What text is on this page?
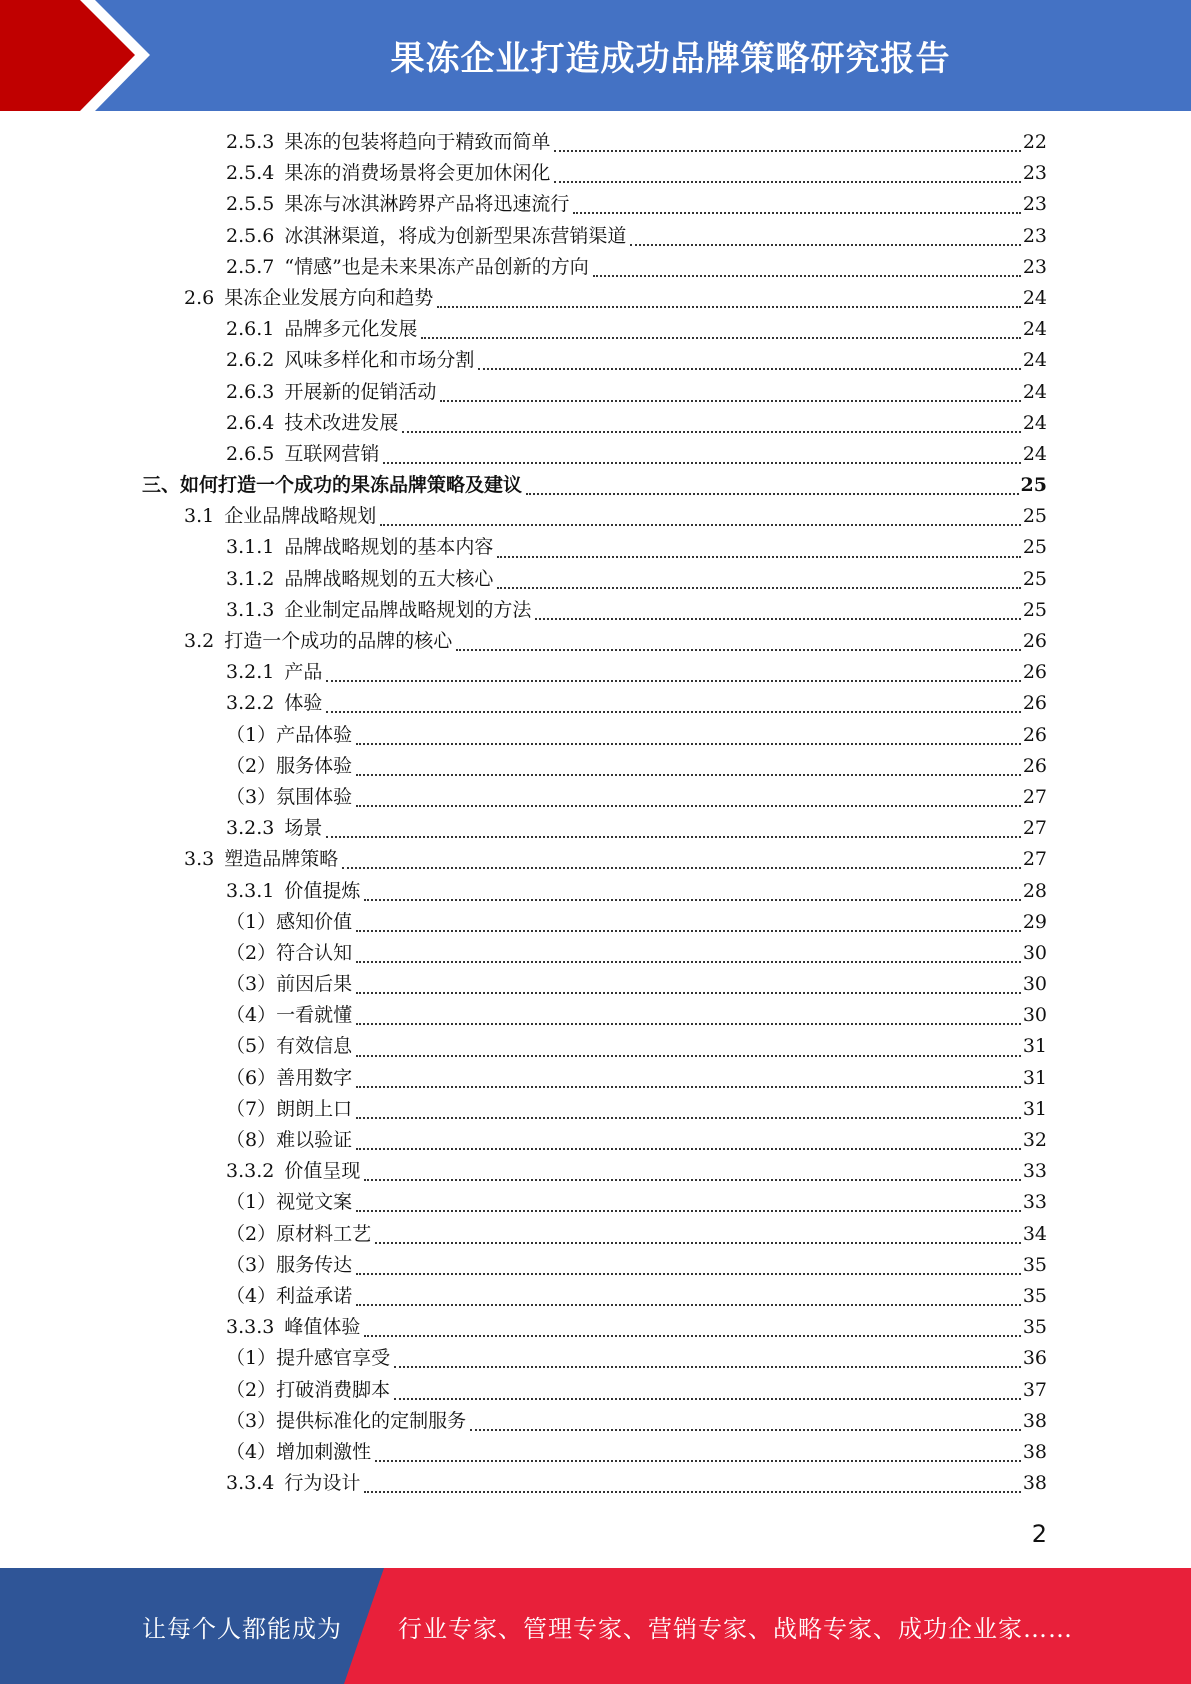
果冻企业打造成功品牌策略研究报告
2.5.3 果冻的包装将趋向于精致而简单	22
2.5.4 果冻的消费场景将会更加休闲化	23
2.5.5 果冻与冰淇淋跨界产品将迅速流行	23
2.5.6 冰淇淋渠道，将成为创新型果冻营销渠道	23
2.5.7 “情感”也是未来果冻产品创新的方向	23
2.6 果冻企业发展方向和趋势	24
2.6.1 品牌多元化发展	24
2.6.2 风味多样化和市场分割	24
2.6.3 开展新的促销活动	24
2.6.4 技术改进发展	24
2.6.5 互联网营销	24
三、如何打造一个成功的果冻品牌策略及建议	25
3.1 企业品牌战略规划	25
3.1.1 品牌战略规划的基本内容	25
3.1.2 品牌战略规划的五大核心	25
3.1.3 企业制定品牌战略规划的方法	25
3.2 打造一个成功的品牌的核心	26
3.2.1 产品	26
3.2.2 体验	26
（1）产品体验	26
（2）服务体验	26
（3）氛围体验	27
3.2.3 场景	27
3.3 塑造品牌策略	27
3.3.1 价值提炼	28
（1）感知价值	29
（2）符合认知	30
（3）前因后果	30
（4）一看就懂	30
（5）有效信息	31
（6）善用数字	31
（7）朗朗上口	31
（8）难以验证	32
3.3.2 价值呈现	33
（1）视觉文案	33
（2）原材料工艺	34
（3）服务传达	35
（4）利益承诺	35
3.3.3 峰值体验	35
（1）提升感官享受	36
（2）打破消费脚本	37
（3）提供标准化的定制服务	38
（4）增加刺激性	38
3.3.4 行为设计	38
2
让每个人都能成为 行业专家、管理专家、营销专家、战略专家、成功企业家……
